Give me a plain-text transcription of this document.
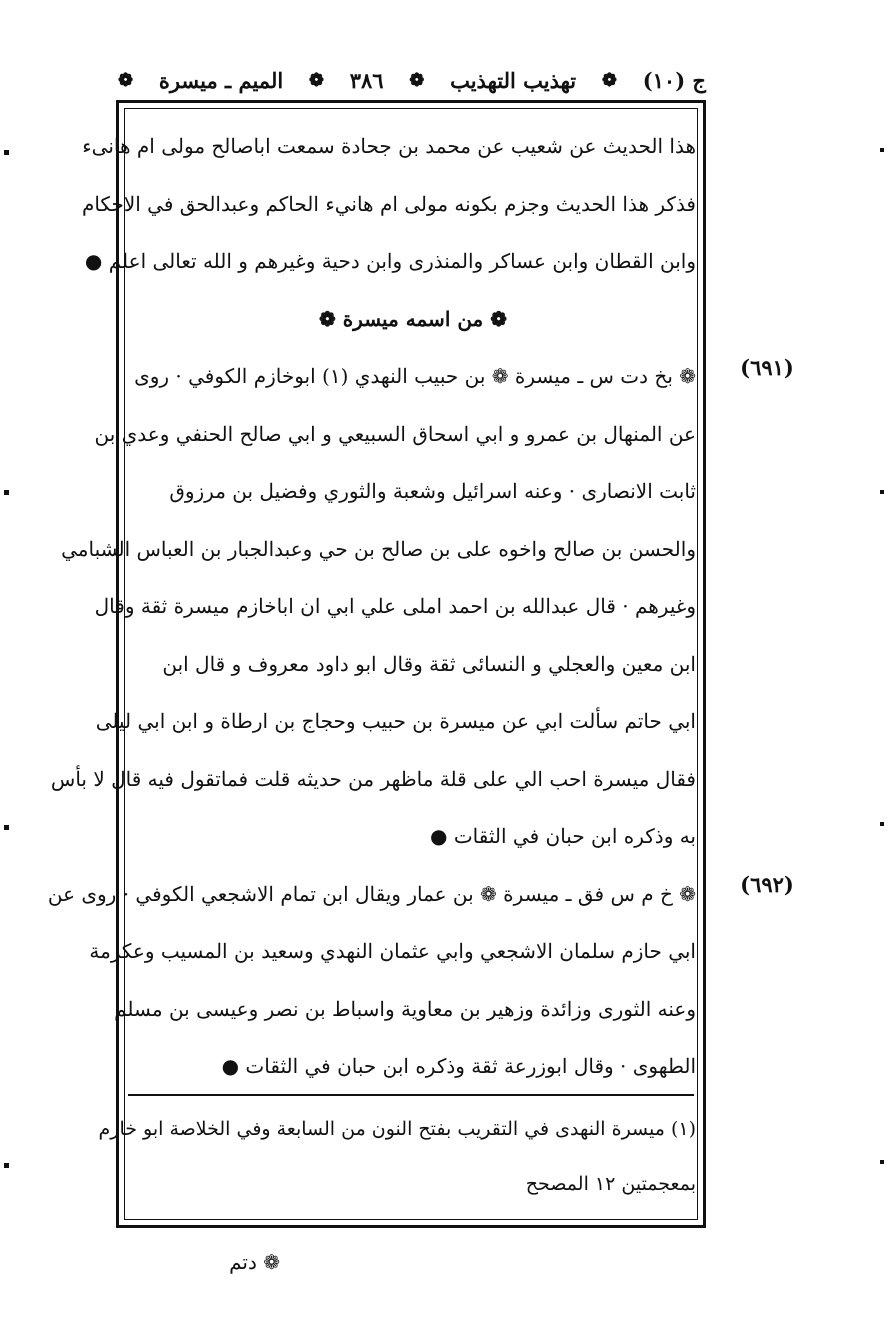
ج (١٠)
❁
تهذيب التهذيب
❁
٣٨٦
❁
الميم ـ ميسرة
❁
هذا الحديث عن شعيب عن محمد بن جحادة سمعت اباصالح مولى ام هانىء
فذكر هذا الحديث وجزم بكونه مولى ام هانيء الحاكم وعبدالحق في الاحكام
وابن القطان وابن عساكر والمنذرى وابن دحية وغيرهم و الله تعالى اعلم ●
❁ من اسمه ميسرة ❁
❁ بخ دت س ـ ميسرة ❁ بن حبيب النهدي (١) ابوخازم الكوفي · روى
عن المنهال بن عمرو و ابي اسحاق السبيعي و ابي صالح الحنفي وعدي بن
ثابت الانصارى · وعنه اسرائيل وشعبة والثوري وفضيل بن مرزوق
والحسن بن صالح واخوه على بن صالح بن حي وعبدالجبار بن العباس الشبامي
وغيرهم · قال عبدالله بن احمد املى علي ابي ان اباخازم ميسرة ثقة وقال
ابن معين والعجلي و النسائى ثقة وقال ابو داود معروف و قال ابن
ابي حاتم سألت ابي عن ميسرة بن حبيب وحجاج بن ارطاة و ابن ابي ليلى
فقال ميسرة احب الي على قلة ماظهر من حديثه قلت فماتقول فيه قال لا بأس
به وذكره ابن حبان في الثقات ●
❁ خ م س فق ـ ميسرة ❁ بن عمار ويقال ابن تمام الاشجعي الكوفي · روى عن
ابي حازم سلمان الاشجعي وابي عثمان النهدي وسعيد بن المسيب وعكرمة
وعنه الثورى وزائدة وزهير بن معاوية واسباط بن نصر وعيسى بن مسلم
الطهوى · وقال ابوزرعة ثقة وذكره ابن حبان في الثقات ●
(٦٩١)
(٦٩٢)
(١) ميسرة النهدى في التقريب بفتح النون من السابعة وفي الخلاصة ابو خازم
بمعجمتين ١٢ المصحح
❁ دتم
